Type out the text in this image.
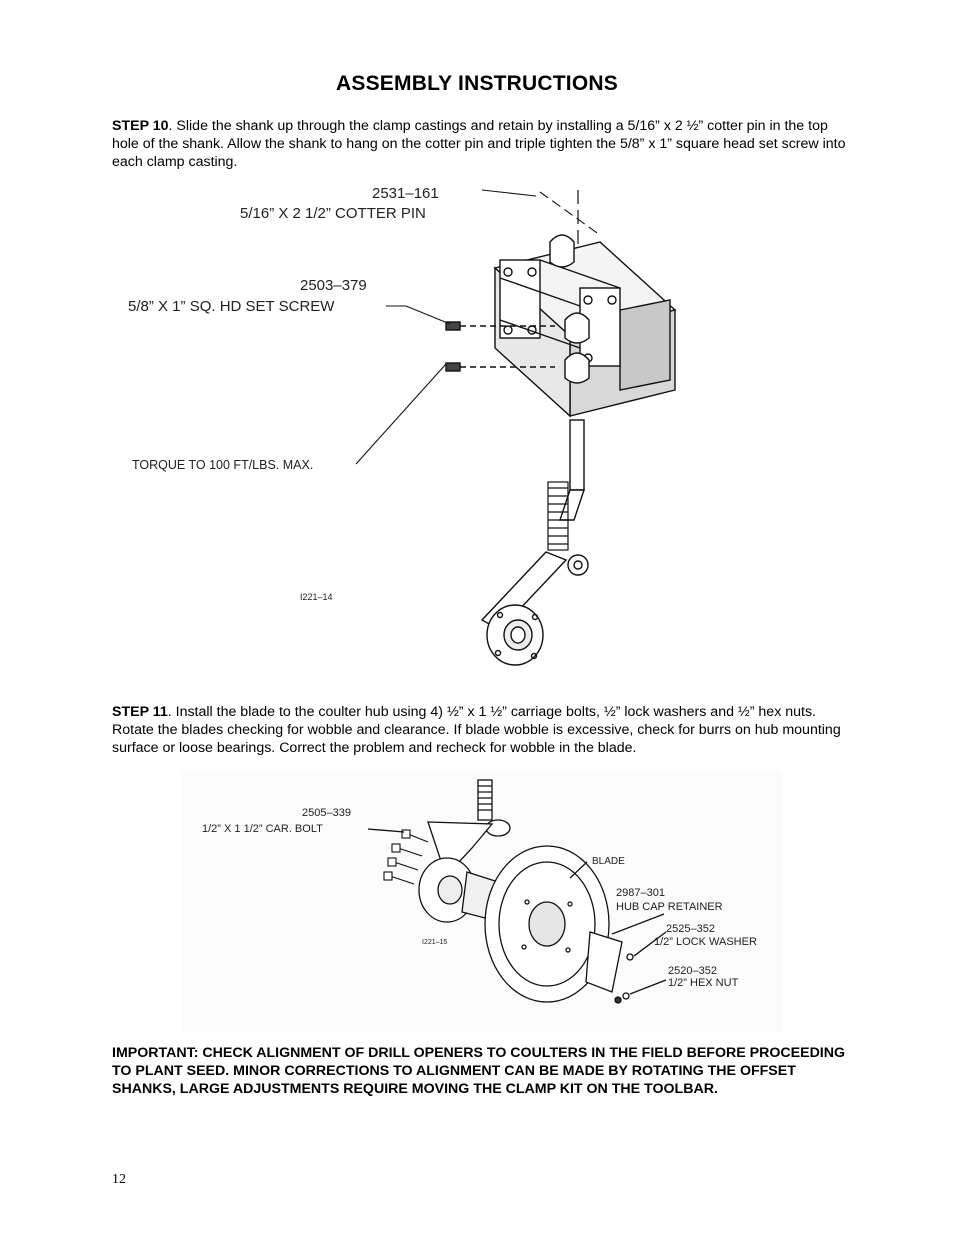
ASSEMBLY INSTRUCTIONS
STEP 10. Slide the shank up through the clamp castings and retain by installing a 5/16” x 2 ½” cotter pin in the top hole of the shank. Allow the shank to hang on the cotter pin and triple tighten the 5/8” x 1” square head set screw into each clamp casting.
2531–161
5/16” X 2 1/2” COTTER PIN
2503–379
5/8” X 1” SQ. HD SET SCREW
TORQUE TO 100 FT/LBS. MAX.
I221–14
STEP 11. Install the blade to the coulter hub using 4) ½” x 1 ½” carriage bolts, ½” lock washers and ½” hex nuts. Rotate the blades checking for wobble and clearance. If blade wobble is excessive, check for burrs on hub mounting surface or loose bearings. Correct the problem and recheck for wobble in the blade.
2505–339
1/2” X 1 1/2” CAR. BOLT
BLADE
2987–301
HUB CAP RETAINER
2525–352
1/2” LOCK WASHER
2520–352
1/2” HEX NUT
I221–15
IMPORTANT: CHECK ALIGNMENT OF DRILL OPENERS TO COULTERS IN THE FIELD BEFORE PROCEEDING TO PLANT SEED. MINOR CORRECTIONS TO ALIGNMENT CAN BE MADE BY ROTATING THE OFFSET SHANKS, LARGE ADJUSTMENTS REQUIRE MOVING THE CLAMP KIT ON THE TOOLBAR.
12
